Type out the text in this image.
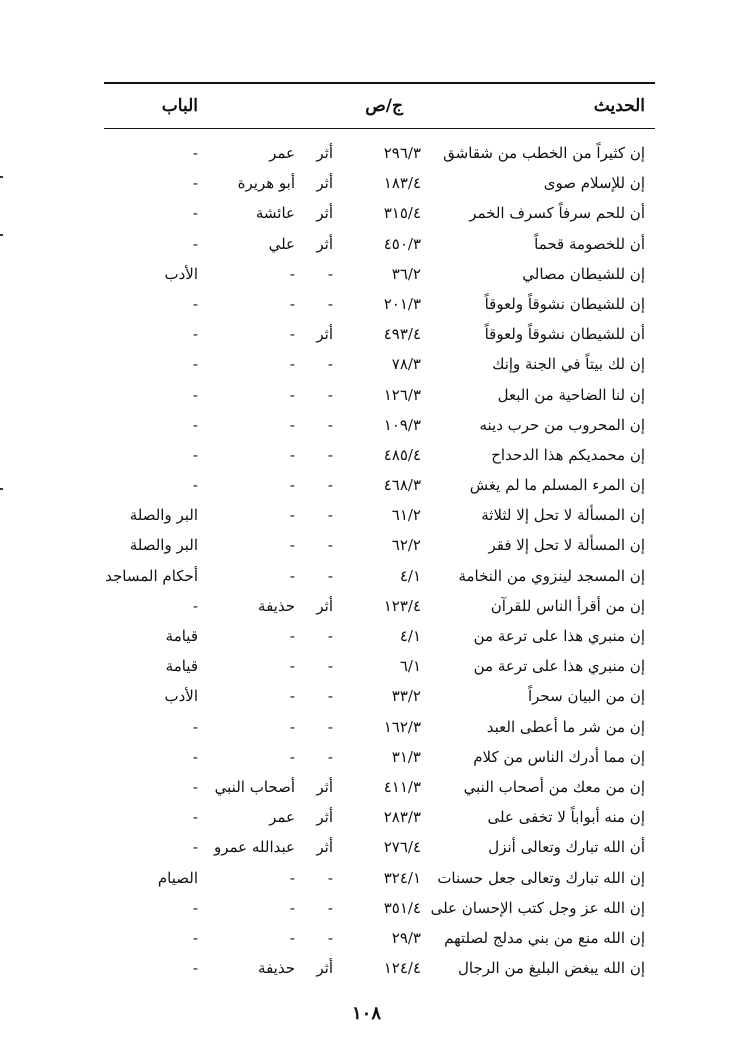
الحديث
ج/ص
الباب
إن كثيراً من الخطب من شقاشق
٢٩٦/٣
أثر
عمر
-
إن للإسلام صوى
١٨٣/٤
أثر
أبو هريرة
-
أن للحم سرفاً كسرف الخمر
٣١٥/٤
أثر
عائشة
-
أن للخصومة قحماً
٤٥٠/٣
أثر
علي
-
إن للشيطان مصالي
٣٦/٢
-
-
الأدب
إن للشيطان نشوقاً ولعوقاً
٢٠١/٣
-
-
-
أن للشيطان نشوقاً ولعوقاً
٤٩٣/٤
أثر
-
-
إن لك بيتاً في الجنة وإنك
٧٨/٣
-
-
-
إن لنا الضاحية من البعل
١٢٦/٣
-
-
-
إن المحروب من حرب دينه
١٠٩/٣
-
-
-
إن محمديكم هذا الدحداح
٤٨٥/٤
-
-
-
إن المرء المسلم ما لم يغش
٤٦٨/٣
-
-
-
إن المسألة لا تحل إلا لثلاثة
٦١/٢
-
-
البر والصلة
إن المسألة لا تحل إلا فقر
٦٢/٢
-
-
البر والصلة
إن المسجد لينزوي من النخامة
٤/١
-
-
أحكام المساجد
إن من أقرأ الناس للقرآن
١٢٣/٤
أثر
حذيفة
-
إن منبري هذا على ترعة من
٤/١
-
-
قيامة
إن منبري هذا على ترعة من
٦/١
-
-
قيامة
إن من البيان سحراً
٣٣/٢
-
-
الأدب
إن من شر ما أعطى العبد
١٦٢/٣
-
-
-
إن مما أدرك الناس من كلام
٣١/٣
-
-
-
إن من معك من أصحاب النبي
٤١١/٣
أثر
أصحاب النبي
-
إن منه أبواباً لا تخفى على
٢٨٣/٣
أثر
عمر
-
أن الله تبارك وتعالى أنزل
٢٧٦/٤
أثر
عبدالله عمرو
-
إن الله تبارك وتعالى جعل حسنات
٣٢٤/١
-
-
الصيام
إن الله عز وجل كتب الإحسان على
٣٥١/٤
-
-
-
إن الله منع من بني مدلج لصلتهم
٢٩/٣
-
-
-
إن الله يبغض البليغ من الرجال
١٢٤/٤
أثر
حذيفة
-
١٠٨
